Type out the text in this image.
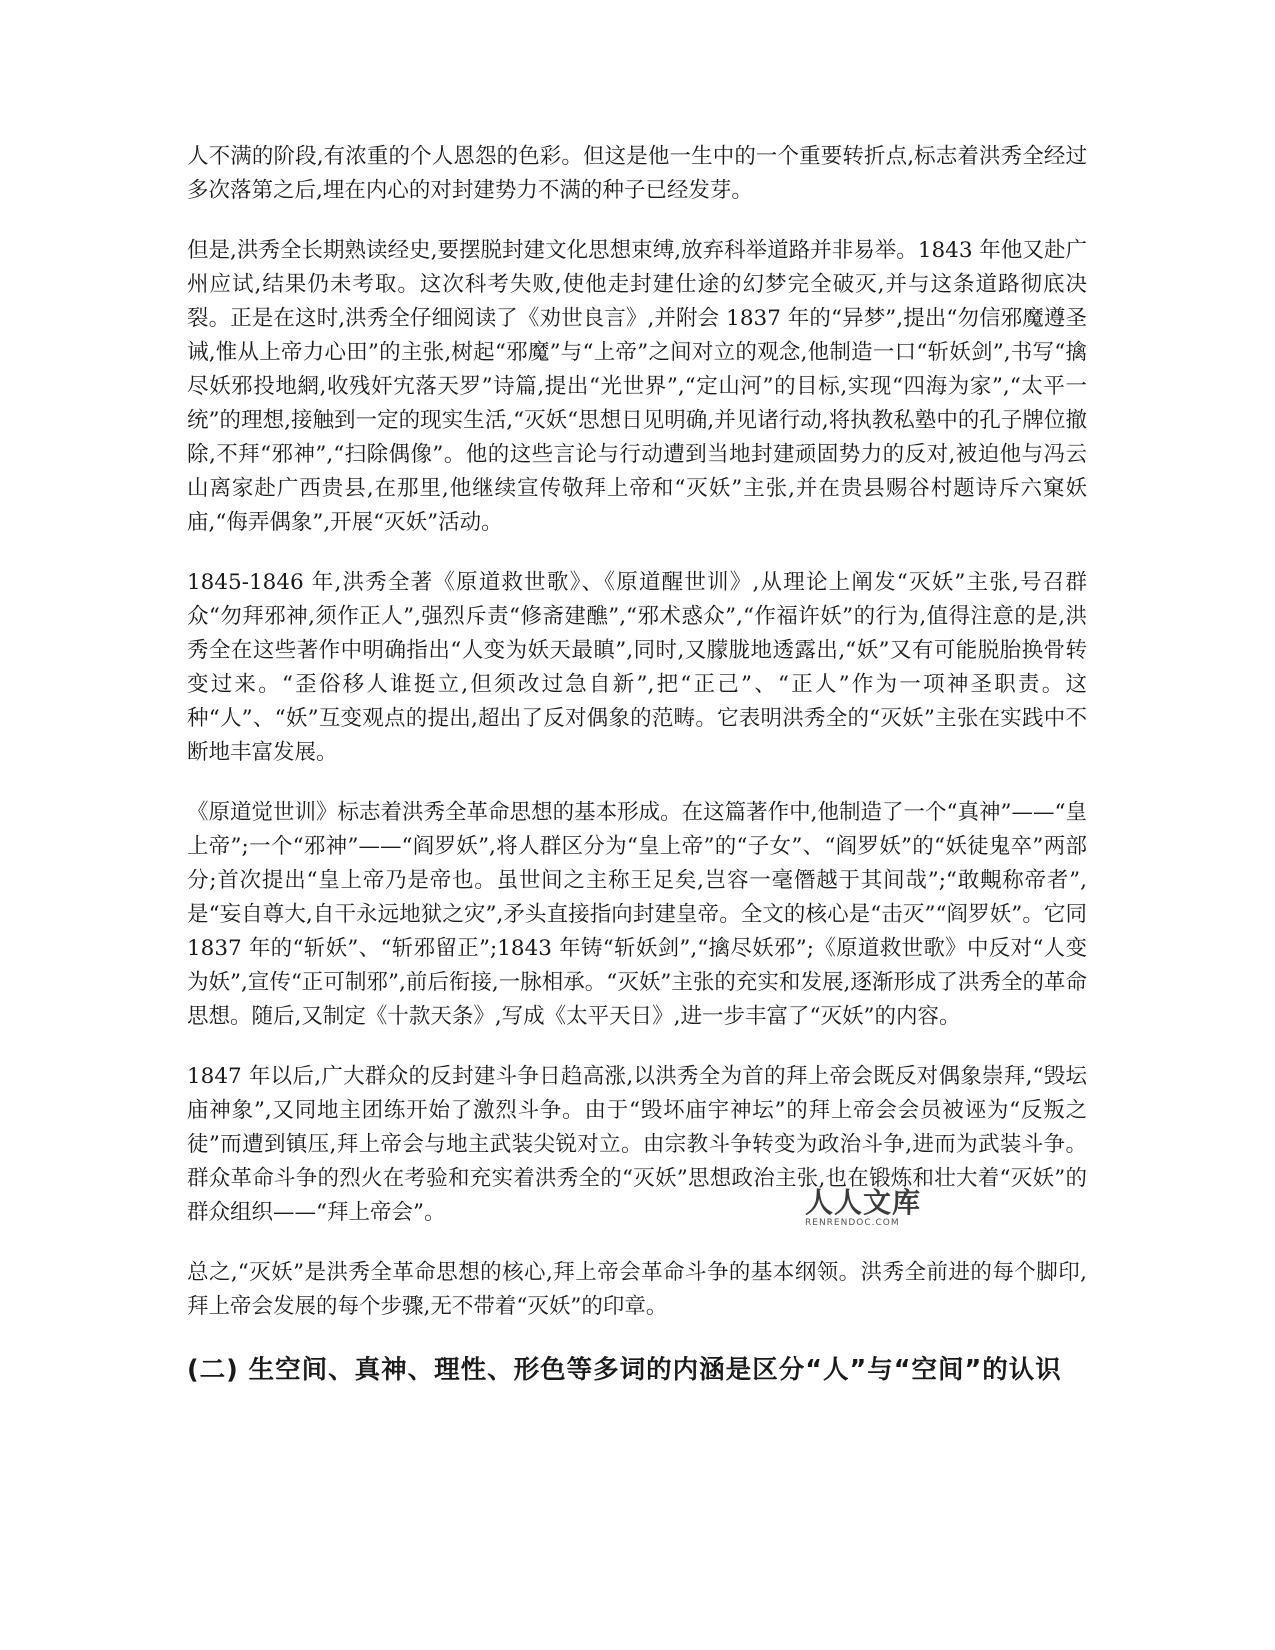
人不满的阶段,有浓重的个人恩怨的色彩。但这是他一生中的一个重要转折点,标志着洪秀全经过多次落第之后,埋在内心的对封建势力不满的种子已经发芽。

但是,洪秀全长期熟读经史,要摆脱封建文化思想束缚,放弃科举道路并非易举。1843 年他又赴广州应试,结果仍未考取。这次科考失败,使他走封建仕途的幻梦完全破灭,并与这条道路彻底决裂。正是在这时,洪秀全仔细阅读了《劝世良言》,并附会 1837 年的“异梦”,提出“勿信邪魔遵圣诫,惟从上帝力心田”的主张,树起“邪魔”与“上帝”之间对立的观念,他制造一口“斩妖剑”,书写“擒尽妖邪投地網,收残奸宄落天罗”诗篇,提出“光世界”,“定山河”的目标,实现“四海为家”,“太平一统”的理想,接触到一定的现实生活,“灭妖“思想日见明确,并见诸行动,将执教私塾中的孔子牌位撤除,不拜“邪神”,“扫除偶像”。他的这些言论与行动遭到当地封建顽固势力的反对,被迫他与冯云山离家赴广西贵县,在那里,他继续宣传敬拜上帝和“灭妖”主张,并在贵县赐谷村题诗斥六窠妖庙,“侮弄偶象”,开展“灭妖”活动。

1845-1846 年,洪秀全著《原道救世歌》、《原道醒世训》,从理论上阐发“灭妖”主张,号召群众“勿拜邪神,须作正人”,强烈斥责“修斋建醮”,“邪术惑众”,“作福许妖”的行为,值得注意的是,洪秀全在这些著作中明确指出“人变为妖天最瞋”,同时,又朦胧地透露出,“妖”又有可能脱胎换骨转变过来。“歪俗移人谁挺立,但须改过急自新”,把“正己”、“正人”作为一项神圣职责。这种“人”、“妖”互变观点的提出,超出了反对偶象的范畴。它表明洪秀全的“灭妖”主张在实践中不断地丰富发展。

《原道觉世训》标志着洪秀全革命思想的基本形成。在这篇著作中,他制造了一个“真神”——“皇上帝”;一个“邪神”——“阎罗妖”,将人群区分为“皇上帝”的“子女”、“阎罗妖”的“妖徒鬼卒”两部分;首次提出“皇上帝乃是帝也。虽世间之主称王足矣,岂容一毫僭越于其间哉”;“敢覥称帝者”,是“妄自尊大,自干永远地狱之灾”,矛头直接指向封建皇帝。全文的核心是“击灭”“阎罗妖”。它同 1837 年的“斩妖”、“斩邪留正”;1843 年铸“斩妖剑”,“擒尽妖邪”;《原道救世歌》中反对“人变为妖”,宣传“正可制邪”,前后衔接,一脉相承。“灭妖”主张的充实和发展,逐渐形成了洪秀全的革命思想。随后,又制定《十款天条》,写成《太平天日》,进一步丰富了“灭妖”的内容。

1847 年以后,广大群众的反封建斗争日趋高涨,以洪秀全为首的拜上帝会既反对偶象崇拜,“毁坛庙神象”,又同地主团练开始了激烈斗争。由于“毁坏庙宇神坛”的拜上帝会会员被诬为“反叛之徒”而遭到镇压,拜上帝会与地主武装尖锐对立。由宗教斗争转变为政治斗争,进而为武装斗争。群众革命斗争的烈火在考验和充实着洪秀全的“灭妖”思想政治主张,也在锻炼和壮大着“灭妖”的群众组织——“拜上帝会”。

总之,“灭妖”是洪秀全革命思想的核心,拜上帝会革命斗争的基本纲领。洪秀全前进的每个脚印,拜上帝会发展的每个步骤,无不带着“灭妖”的印章。

(二) 生空间、真神、理性、形色等多词的内涵是区分“人”与“空间”的认识
人人文库
RENRENDOC.COM
